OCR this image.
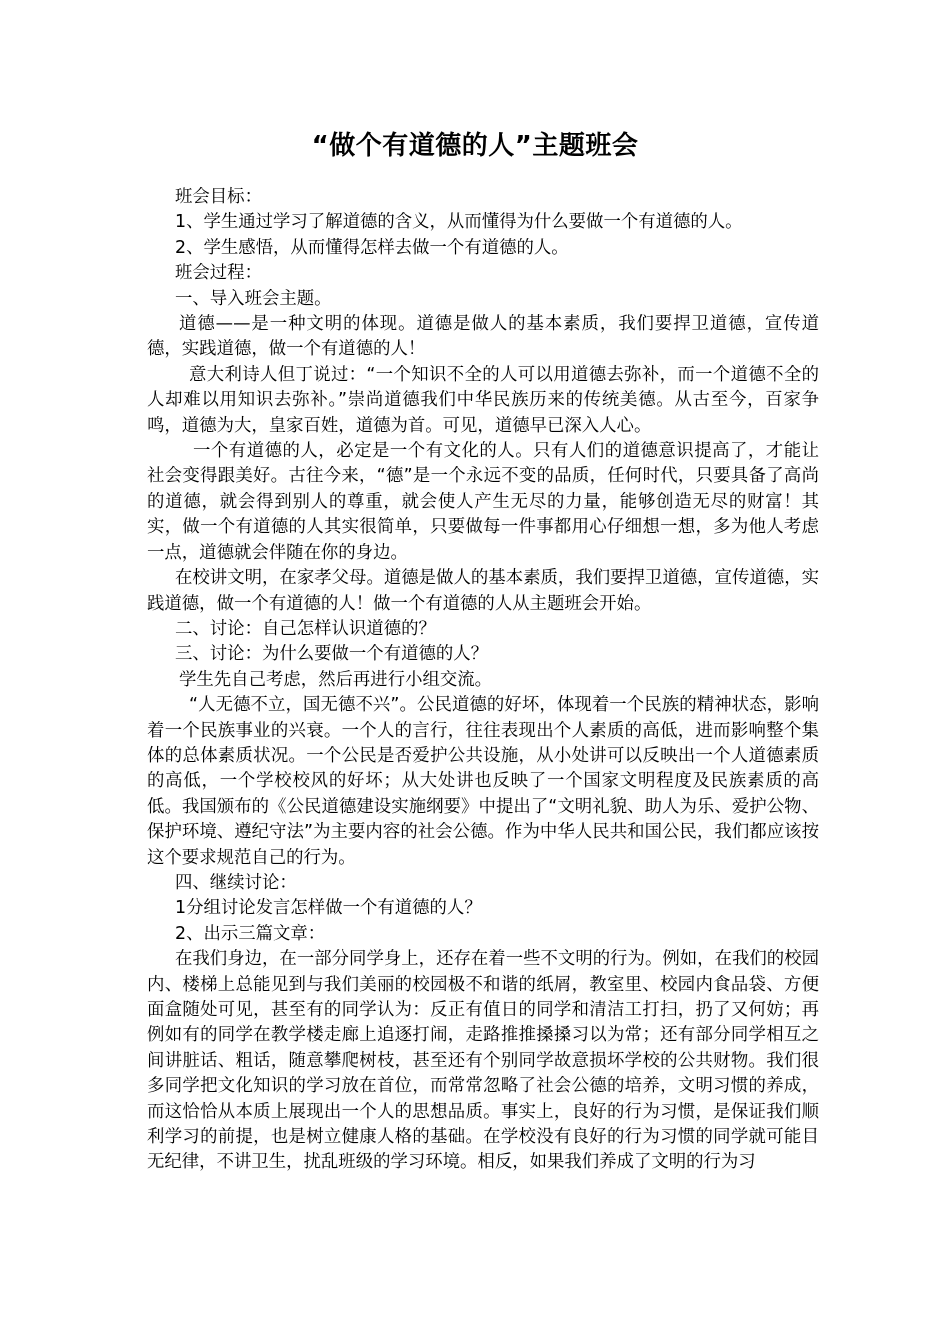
“做个有道德的人”主题班会

班会目标：

1、学生通过学习了解道德的含义，从而懂得为什么要做一个有道德的人。

2、学生感悟，从而懂得怎样去做一个有道德的人。

班会过程：

一、导入班会主题。

道德——是一种文明的体现。道德是做人的基本素质，我们要捍卫道德，宣传道德，实践道德，做一个有道德的人！

意大利诗人但丁说过：“一个知识不全的人可以用道德去弥补，而一个道德不全的人却难以用知识去弥补。”崇尚道德我们中华民族历来的传统美德。从古至今，百家争鸣，道德为大，皇家百姓，道德为首。可见，道德早已深入人心。

一个有道德的人，必定是一个有文化的人。只有人们的道德意识提高了，才能让社会变得跟美好。古往今来，“德”是一个永远不变的品质，任何时代，只要具备了高尚的道德，就会得到别人的尊重，就会使人产生无尽的力量，能够创造无尽的财富！其实，做一个有道德的人其实很简单，只要做每一件事都用心仔细想一想，多为他人考虑一点，道德就会伴随在你的身边。

在校讲文明，在家孝父母。道德是做人的基本素质，我们要捍卫道德，宣传道德，实践道德，做一个有道德的人！做一个有道德的人从主题班会开始。

二、讨论：自己怎样认识道德的？

三、讨论：为什么要做一个有道德的人？

学生先自己考虑，然后再进行小组交流。

“人无德不立，国无德不兴”。公民道德的好坏，体现着一个民族的精神状态，影响着一个民族事业的兴衰。一个人的言行，往往表现出个人素质的高低，进而影响整个集体的总体素质状况。一个公民是否爱护公共设施，从小处讲可以反映出一个人道德素质的高低，一个学校校风的好坏；从大处讲也反映了一个国家文明程度及民族素质的高低。我国颁布的《公民道德建设实施纲要》中提出了“文明礼貌、助人为乐、爱护公物、保护环境、遵纪守法”为主要内容的社会公德。作为中华人民共和国公民，我们都应该按这个要求规范自己的行为。

四、继续讨论：

1分组讨论发言怎样做一个有道德的人？

2、出示三篇文章：

在我们身边，在一部分同学身上，还存在着一些不文明的行为。例如，在我们的校园内、楼梯上总能见到与我们美丽的校园极不和谐的纸屑，教室里、校园内食品袋、方便面盒随处可见，甚至有的同学认为：反正有值日的同学和清洁工打扫，扔了又何妨；再例如有的同学在教学楼走廊上追逐打闹，走路推推搡搡习以为常；还有部分同学相互之间讲脏话、粗话，随意攀爬树枝，甚至还有个别同学故意损坏学校的公共财物。我们很多同学把文化知识的学习放在首位，而常常忽略了社会公德的培养，文明习惯的养成，而这恰恰从本质上展现出一个人的思想品质。事实上，良好的行为习惯，是保证我们顺利学习的前提，也是树立健康人格的基础。在学校没有良好的行为习惯的同学就可能目无纪律，不讲卫生，扰乱班级的学习环境。相反，如果我们养成了文明的行为习
